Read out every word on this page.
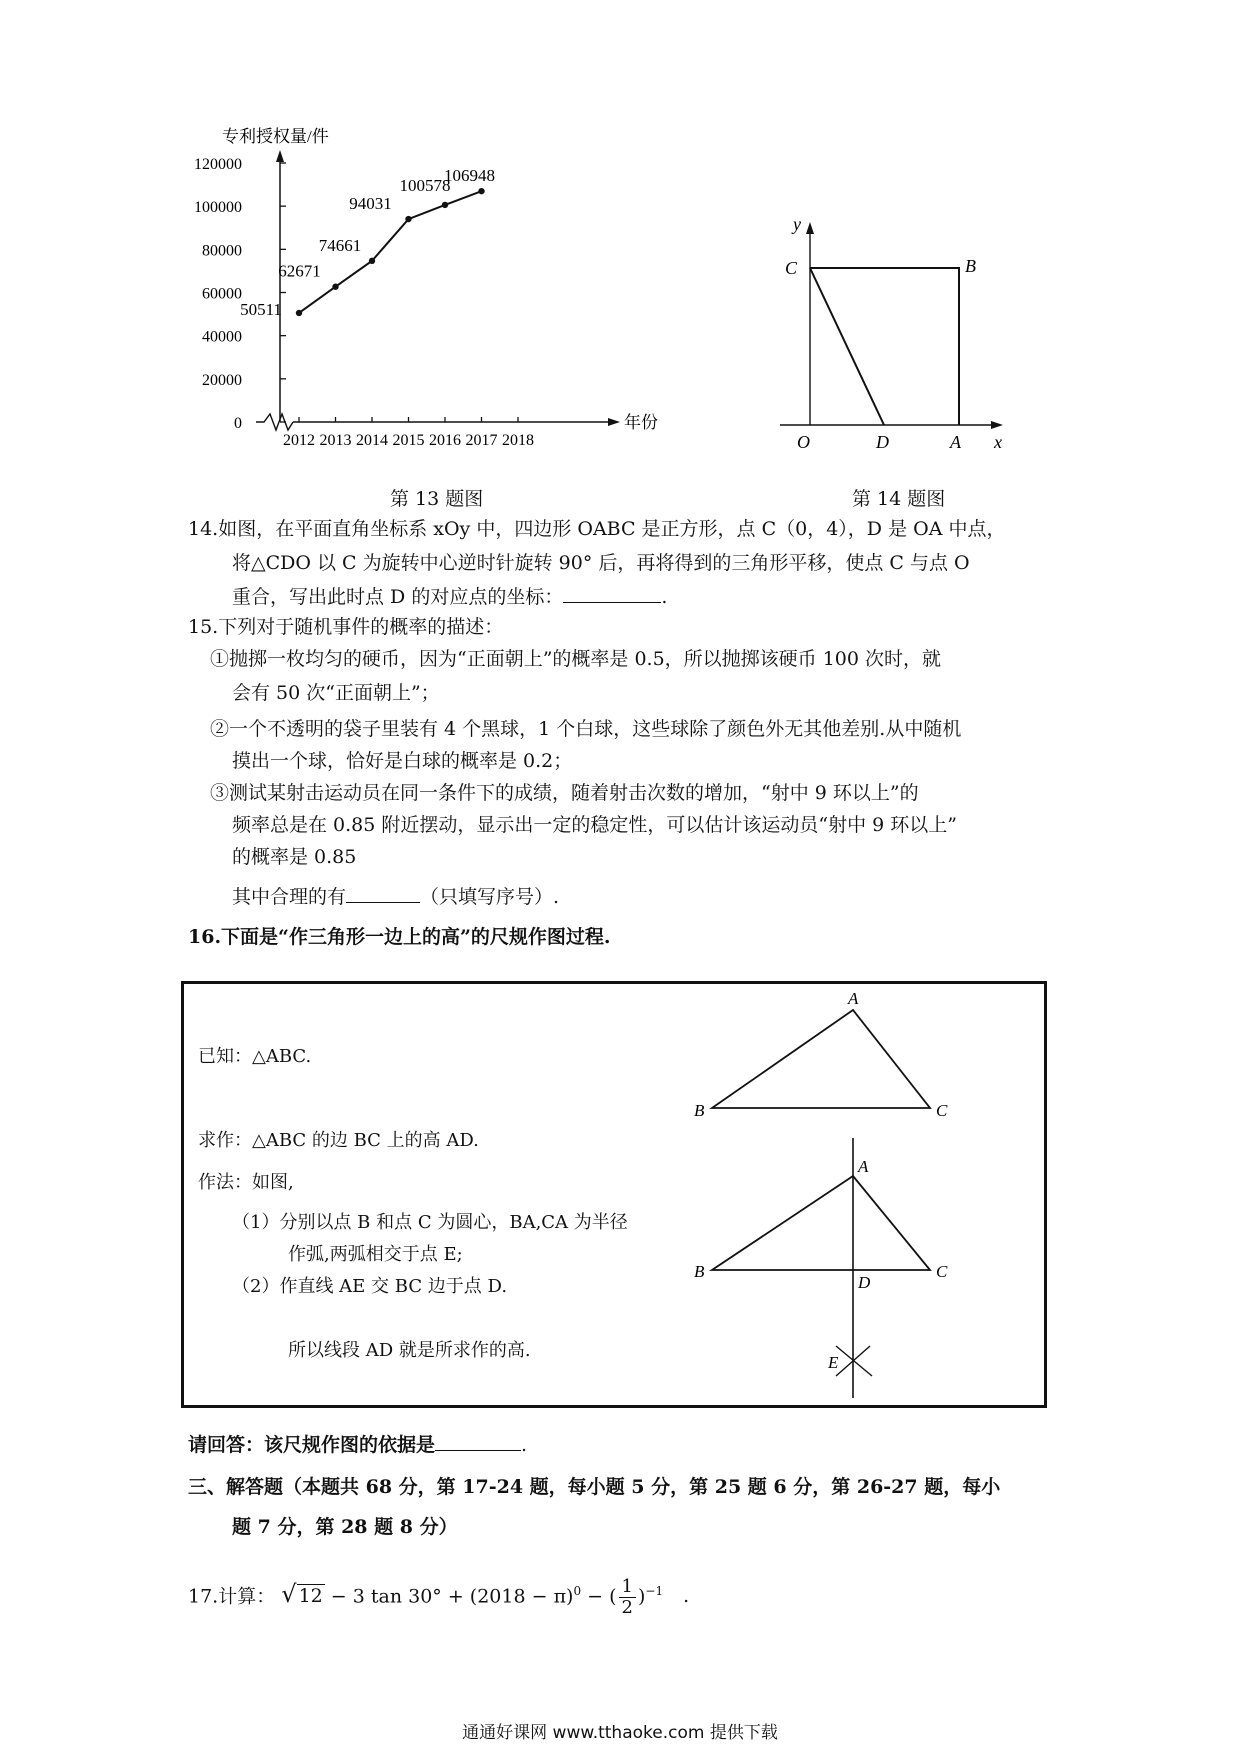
专利授权量/件
年份
0
20000
40000
60000
80000
100000
120000
2012 2013 2014 2015 2016 2017 2018
50511
62671
74661
94031
100578
106948
第 13 题图
y
C	B
O	D	A x
第 14 题图
14.如图，在平面直角坐标系 xOy 中，四边形 OABC 是正方形，点 C（0，4），D 是 OA 中点，
将△CDO 以 C 为旋转中心逆时针旋转 90° 后，再将得到的三角形平移，使点 C 与点 O
重合，写出此时点 D 的对应点的坐标：	.
15.下列对于随机事件的概率的描述：
①抛掷一枚均匀的硬币，因为“正面朝上”的概率是 0.5，所以抛掷该硬币 100 次时，就
会有 50 次“正面朝上”；
②一个不透明的袋子里装有 4 个黑球，1 个白球，这些球除了颜色外无其他差别.从中随机
摸出一个球，恰好是白球的概率是 0.2；
③测试某射击运动员在同一条件下的成绩，随着射击次数的增加，“射中 9 环以上”的
频率总是在 0.85 附近摆动，显示出一定的稳定性，可以估计该运动员“射中 9 环以上”
的概率是 0.85
其中合理的有	（只填写序号）.
16.下面是“作三角形一边上的高”的尺规作图过程.
已知：△ABC.
求作：△ABC 的边 BC 上的高 AD.
作法：如图,
（1）分别以点 B 和点 C 为圆心，BA,CA 为半径
作弧,两弧相交于点 E;
（2）作直线 AE 交 BC 边于点 D.
所以线段 AD 就是所求作的高.
A
B	C
A
B	C
D
E
请回答：该尺规作图的依据是	.
三、解答题（本题共 68 分，第 17-24 题，每小题 5 分，第 25 题 6 分，第 26-27 题，每小
题 7 分，第 28 题 8 分）
17.计算： √ 12 − 3 $\tan 30^\circ + (2018 - \pi)^0$ − ( $\frac{1}{2} )^{-1}$ .
通通好课网 www.tthaoke.com 提供下载
